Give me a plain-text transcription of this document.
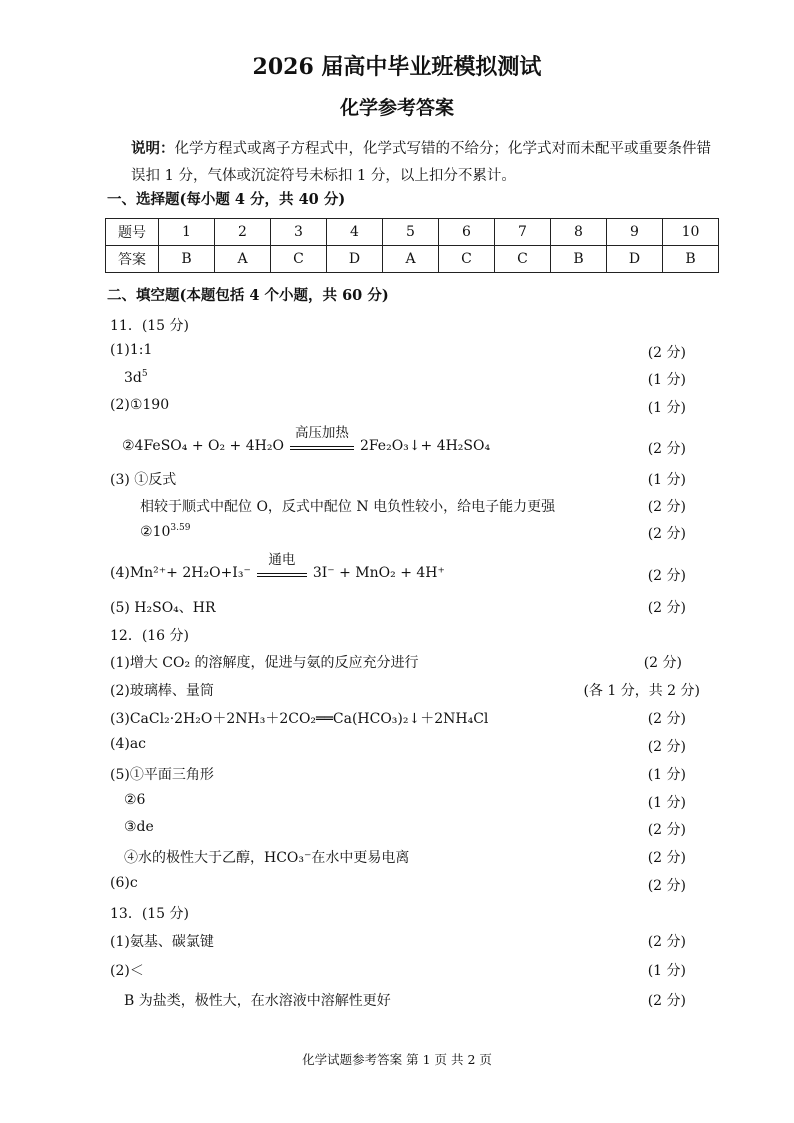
2026 届高中毕业班模拟测试
化学参考答案
说明：化学方程式或离子方程式中，化学式写错的不给分；化学式对而未配平或重要条件错误扣 1 分，气体或沉淀符号未标扣 1 分，以上扣分不累计。
一、选择题(每小题 4 分，共 40 分)
题号	1	2	3	4	5	6	7	8	9	10
答案	B	A	C	D	A	C	C	B	D	B
二、填空题(本题包括 4 个小题，共 60 分)
11．(15 分)
(1)1:1	(2 分)
$3d^5$	(1 分)
(2)①190	(1 分)
②4FeSO₄ + O₂ + 4H₂O
高压加热
2Fe₂O₃↓+ 4H₂SO₄	(2 分)
(3) ①反式	(1 分)
相较于顺式中配位 O，反式中配位 N 电负性较小，给电子能力更强	(2 分)
$②10^{3.59}$	(2 分)
(4)Mn²⁺+ 2H₂O+I₃⁻
通电
3I⁻ + MnO₂ + 4H⁺	(2 分)
(5) H₂SO₄、HR	(2 分)
12．(16 分)
(1)增大 CO₂ 的溶解度，促进与氨的反应充分进行	(2 分)
(2)玻璃棒、量筒	(各 1 分，共 2 分)
(3)CaCl₂·2H₂O＋2NH₃＋2CO₂══Ca(HCO₃)₂↓＋2NH₄Cl	(2 分)
(4)ac	(2 分)
(5)①平面三角形	(1 分)
②6	(1 分)
③de	(2 分)
④水的极性大于乙醇，HCO₃⁻在水中更易电离	(2 分)
(6)c	(2 分)
13．(15 分)
(1)氨基、碳氯键	(2 分)
(2)＜	(1 分)
B 为盐类，极性大，在水溶液中溶解性更好	(2 分)
化学试题参考答案 第 1 页 共 2 页
